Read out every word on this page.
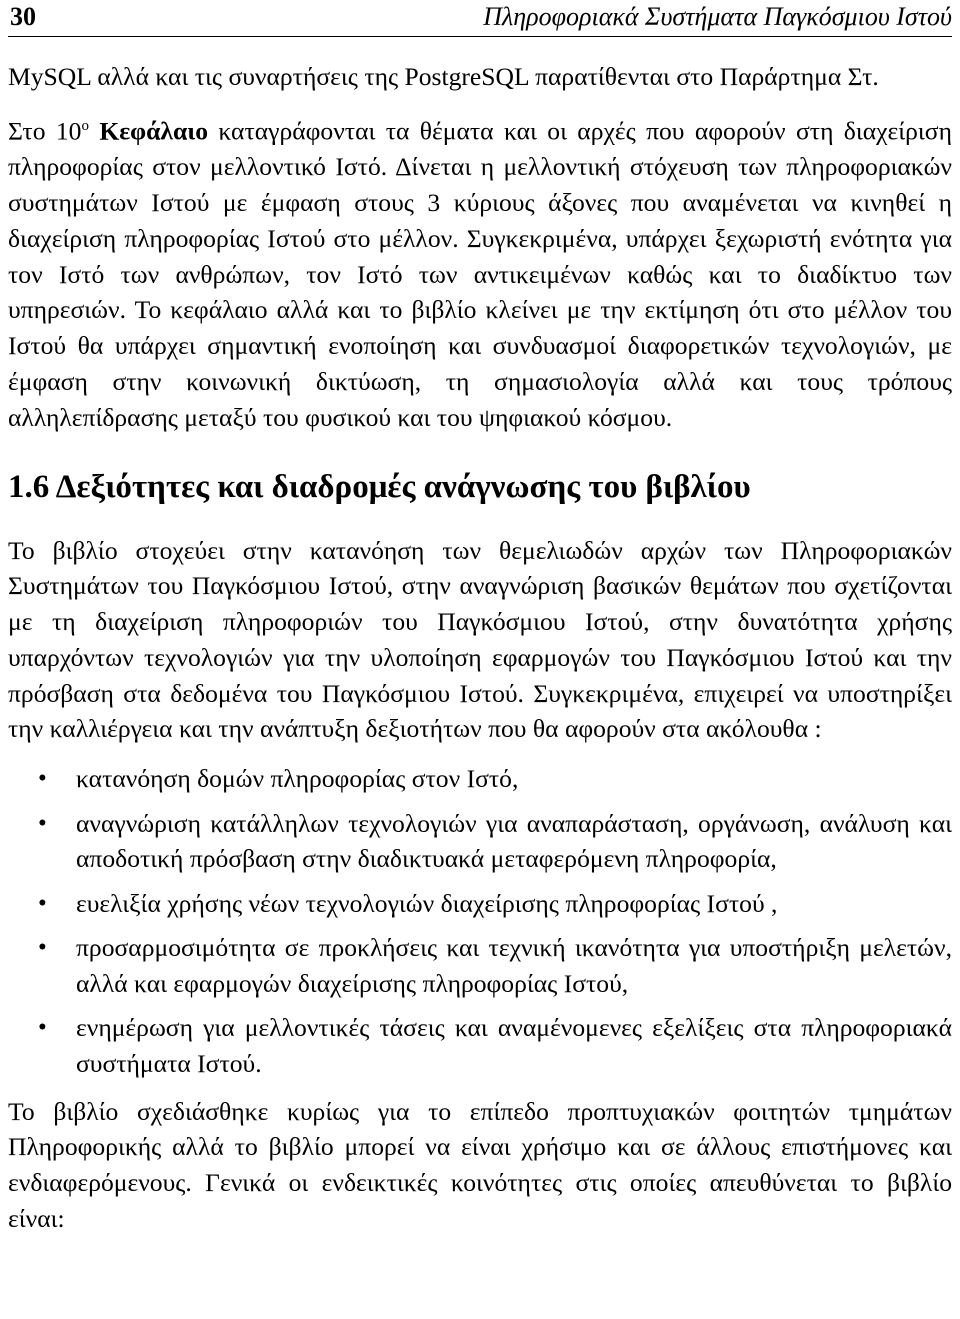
30	Πληροφοριακά Συστήματα Παγκόσμιου Ιστού

MySQL αλλά και τις συναρτήσεις της PostgreSQL παρατίθενται στο Παράρτημα Στ.

Στο $10^o$ Κεφάλαιο καταγράφονται τα θέματα και οι αρχές που αφορούν στη διαχείριση πληροφορίας στον μελλοντικό Ιστό. Δίνεται η μελλοντική στόχευση των πληροφοριακών συστημάτων Ιστού με έμφαση στους 3 κύριους άξονες που αναμένεται να κινηθεί η διαχείριση πληροφορίας Ιστού στο μέλλον. Συγκεκριμένα, υπάρχει ξεχωριστή ενότητα για τον Ιστό των ανθρώπων, τον Ιστό των αντικειμένων καθώς και το διαδίκτυο των υπηρεσιών. Το κεφάλαιο αλλά και το βιβλίο κλείνει με την εκτίμηση ότι στο μέλλον του Ιστού θα υπάρχει σημαντική ενοποίηση και συνδυασμοί διαφορετικών τεχνολογιών, με έμφαση στην κοινωνική δικτύωση, τη σημασιολογία αλλά και τους τρόπους αλληλεπίδρασης μεταξύ του φυσικού και του ψηφιακού κόσμου.

1.6 Δεξιότητες και διαδρομές ανάγνωσης του βιβλίου

Το βιβλίο στοχεύει στην κατανόηση των θεμελιωδών αρχών των Πληροφοριακών Συστημάτων του Παγκόσμιου Ιστού, στην αναγνώριση βασικών θεμάτων που σχετίζονται με τη διαχείριση πληροφοριών του Παγκόσμιου Ιστού, στην δυνατότητα χρήσης υπαρχόντων τεχνολογιών για την υλοποίηση εφαρμογών του Παγκόσμιου Ιστού και την πρόσβαση στα δεδομένα του Παγκόσμιου Ιστού. Συγκεκριμένα, επιχειρεί να υποστηρίξει την καλλιέργεια και την ανάπτυξη δεξιοτήτων που θα αφορούν στα ακόλουθα :

• κατανόηση δομών πληροφορίας στον Ιστό,
• αναγνώριση κατάλληλων τεχνολογιών για αναπαράσταση, οργάνωση, ανάλυση και αποδοτική πρόσβαση στην διαδικτυακά μεταφερόμενη πληροφορία,
• ευελιξία χρήσης νέων τεχνολογιών διαχείρισης πληροφορίας Ιστού ,
• προσαρμοσιμότητα σε προκλήσεις και τεχνική ικανότητα για υποστήριξη μελετών, αλλά και εφαρμογών διαχείρισης πληροφορίας Ιστού,
• ενημέρωση για μελλοντικές τάσεις και αναμένομενες εξελίξεις στα πληροφοριακά συστήματα Ιστού.

Το βιβλίο σχεδιάσθηκε κυρίως για το επίπεδο προπτυχιακών φοιτητών τμημάτων Πληροφορικής αλλά το βιβλίο μπορεί να είναι χρήσιμο και σε άλλους επιστήμονες και ενδιαφερόμενους. Γενικά οι ενδεικτικές κοινότητες στις οποίες απευθύνεται το βιβλίο είναι:
